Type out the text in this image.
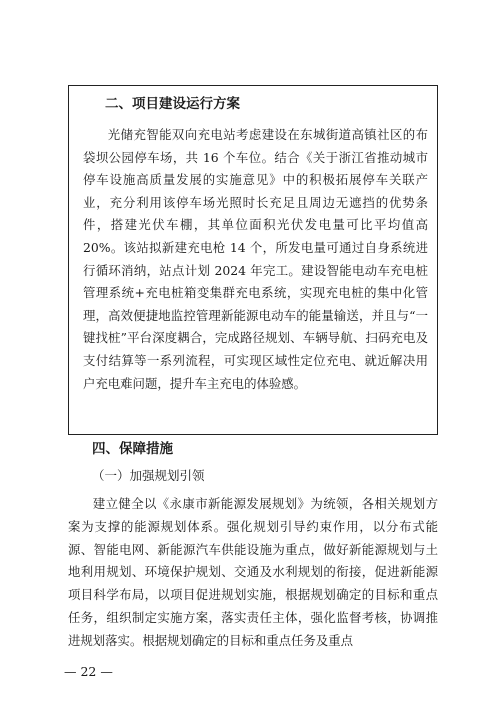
二、项目建设运行方案
光储充智能双向充电站考虑建设在东城街道高镇社区的布袋坝公园停车场，共 16 个车位。结合《关于浙江省推动城市停车设施高质量发展的实施意见》中的积极拓展停车关联产业，充分利用该停车场光照时长充足且周边无遮挡的优势条件，搭建光伏车棚，其单位面积光伏发电量可比平均值高 20%。该站拟新建充电枪 14 个，所发电量可通过自身系统进行循环消纳，站点计划 2024 年完工。建设智能电动车充电桩管理系统+充电桩箱变集群充电系统，实现充电桩的集中化管理，高效便捷地监控管理新能源电动车的能量输送，并且与“一键找桩”平台深度耦合，完成路径规划、车辆导航、扫码充电及支付结算等一系列流程，可实现区域性定位充电、就近解决用户充电难问题，提升车主充电的体验感。
四、保障措施
（一）加强规划引领
建立健全以《永康市新能源发展规划》为统领，各相关规划方案为支撑的能源规划体系。强化规划引导约束作用，以分布式能源、智能电网、新能源汽车供能设施为重点，做好新能源规划与土地利用规划、环境保护规划、交通及水利规划的衔接，促进新能源项目科学布局，以项目促进规划实施，根据规划确定的目标和重点任务，组织制定实施方案，落实责任主体，强化监督考核，协调推进规划落实。根据规划确定的目标和重点任务及重点
— 22 —
